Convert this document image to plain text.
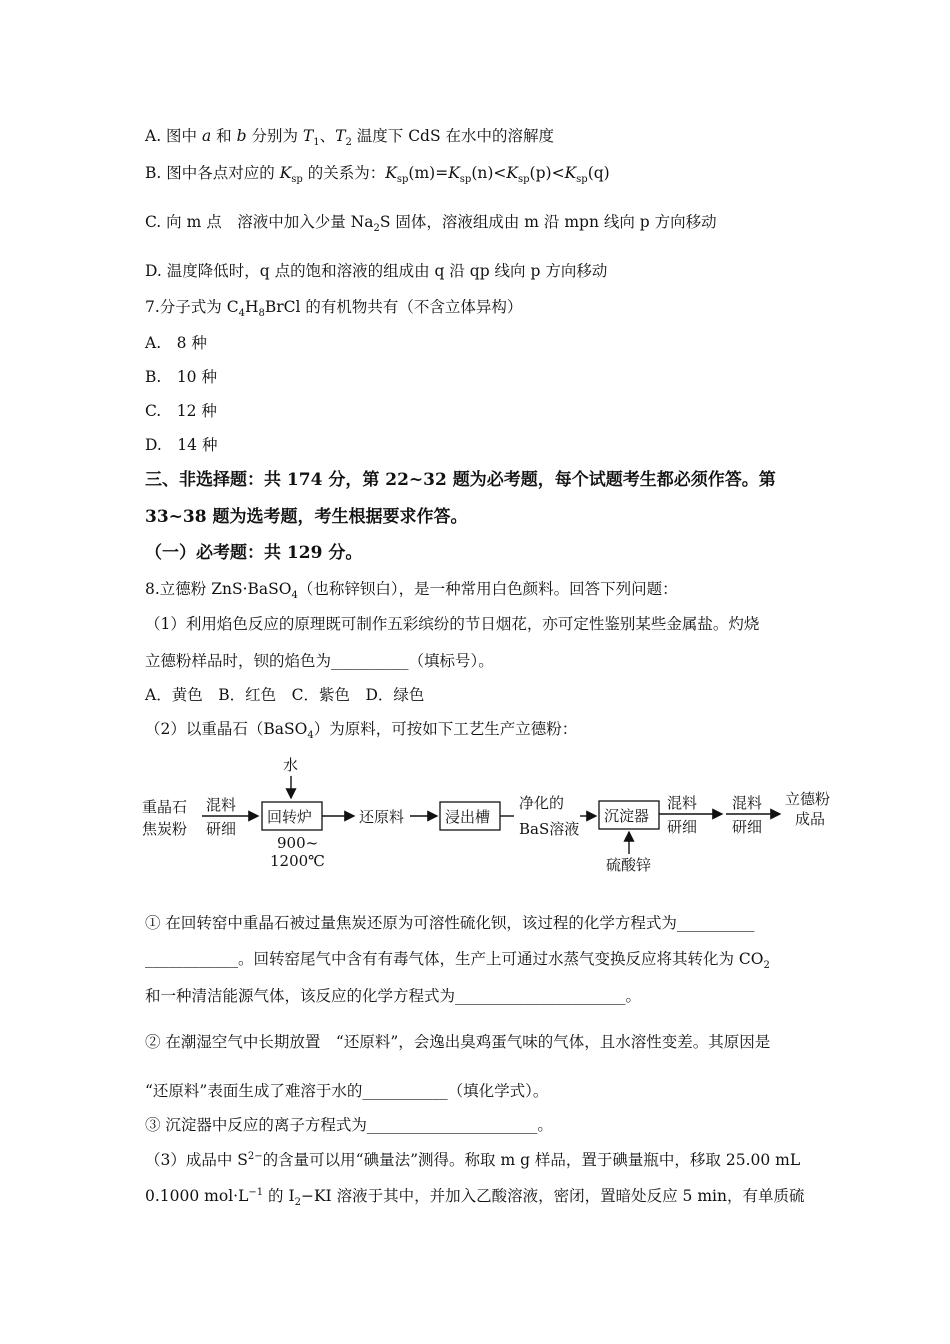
A. 图中 a 和 b 分别为 $T_1$、$T_2$ 温度下 CdS 在水中的溶解度
B. 图中各点对应的 $K_{sp}$ 的关系为：$K_{sp}(m)=K_{sp}(n)<K_{sp}(p)<K_{sp}(q)$
C. 向 m 点　溶液中加入少量 $Na_2S$ 固体，溶液组成由 m 沿 mpn 线向 p 方向移动
D. 温度降低时，q 点的饱和溶液的组成由 q 沿 qp 线向 p 方向移动
7.分子式为 $C_4H_8BrCl$ 的有机物共有（不含立体异构）
A.　8 种
B.　10 种
C.　12 种
D.　14 种
三、非选择题：共 174 分，第 22~32 题为必考题，每个试题考生都必须作答。第
33~38 题为选考题，考生根据要求作答。
（一）必考题：共 129 分。
8.立德粉 ZnS·BaSO$_4$（也称锌钡白），是一种常用白色颜料。回答下列问题：
（1）利用焰色反应的原理既可制作五彩缤纷的节日烟花，亦可定性鉴别某些金属盐。灼烧
立德粉样品时，钡的焰色为__________（填标号）。
A．黄色　B．红色　C．紫色　D．绿色
（2）以重晶石（BaSO$_4$）为原料，可按如下工艺生产立德粉：
水
重晶石
焦炭粉
混料
研细
回转炉
900~
1200℃
还原料	浸出槽
净化的
BaS溶液
沉淀器
硫酸锌
混料
研细
混料
研细
立德粉
成品
① 在回转窑中重晶石被过量焦炭还原为可溶性硫化钡，该过程的化学方程式为__________
____________。回转窑尾气中含有有毒气体，生产上可通过水蒸气变换反应将其转化为 $CO_2$
和一种清洁能源气体，该反应的化学方程式为______________________。
② 在潮湿空气中长期放置　“还原料”，会逸出臭鸡蛋气味的气体，且水溶性变差。其原因是
“还原料”表面生成了难溶于水的___________（填化学式）。
③ 沉淀器中反应的离子方程式为______________________。
（3）成品中 $S^{2-}$的含量可以用“碘量法”测得。称取 m g 样品，置于碘量瓶中，移取 25.00 mL
0.1000 $mol\cdot L^{-1}$ 的 $I_2-KI$ 溶液于其中，并加入乙酸溶液，密闭，置暗处反应 5 min，有单质硫
